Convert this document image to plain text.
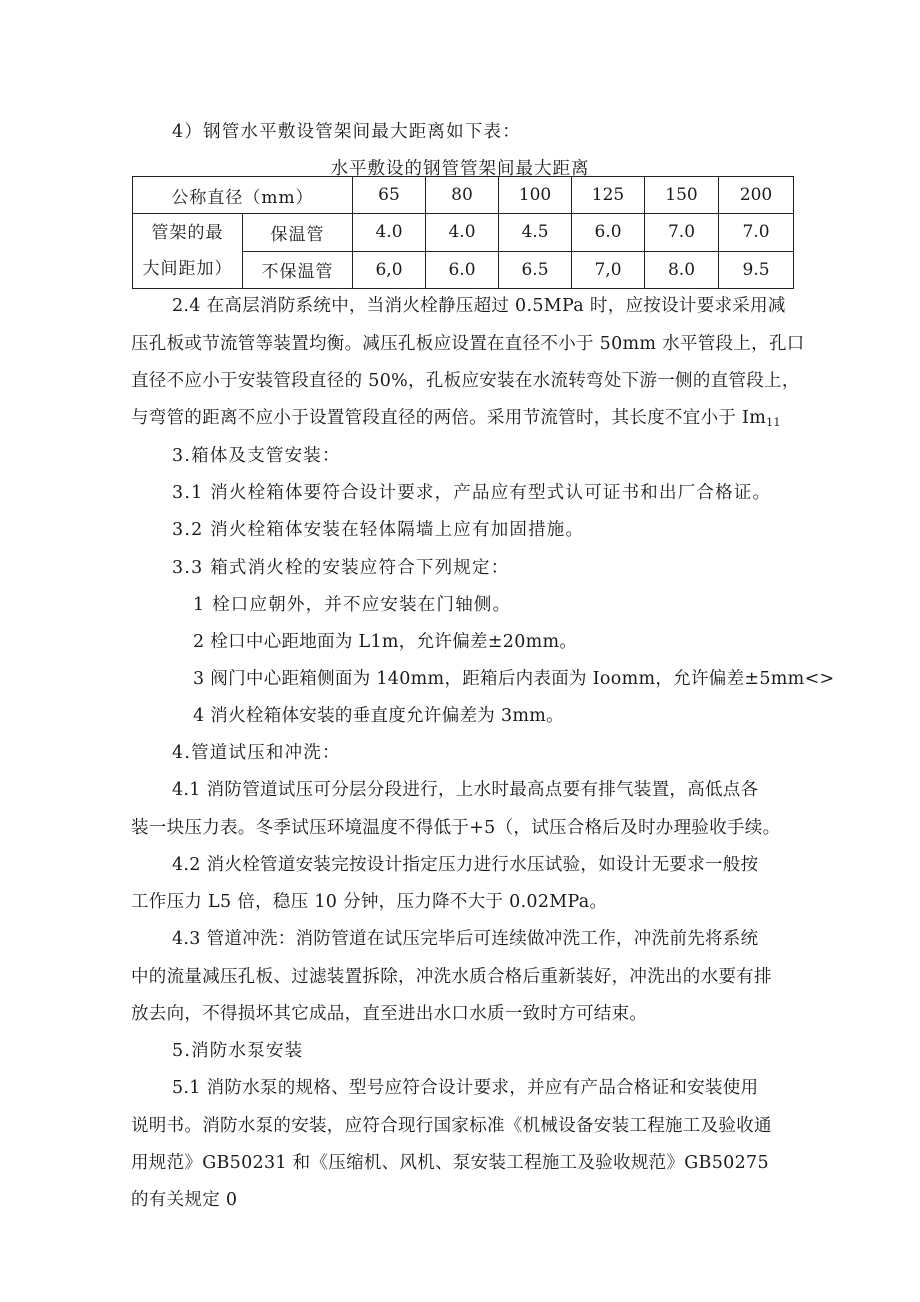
4）钢管水平敷设管架间最大距离如下表：
水平敷设的钢管管架间最大距离
公称直径（mm）		65	80	100	125	150	200

管架的最
大间距加）	保温管	4.0	4.0	4.5	6.0	7.0	7.0
	不保温管	6,0	6.0	6.5	7,0	8.0	9.5
2.4 在高层消防系统中，当消火栓静压超过 0.5MPa 时，应按设计要求采用减
压孔板或节流管等装置均衡。减压孔板应设置在直径不小于 50mm 水平管段上，孔口
直径不应小于安装管段直径的 50%，孔板应安装在水流转弯处下游一侧的直管段上，
与弯管的距离不应小于设置管段直径的两倍。采用节流管时，其长度不宜小于 $Im_{11}$
3.箱体及支管安装：
3.1 消火栓箱体要符合设计要求，产品应有型式认可证书和出厂合格证。
3.2 消火栓箱体安装在轻体隔墙上应有加固措施。
3.3 箱式消火栓的安装应符合下列规定：
1 栓口应朝外，并不应安装在门轴侧。
2 栓口中心距地面为 L1m，允许偏差±20mm。
3 阀门中心距箱侧面为 140mm，距箱后内表面为 Ioomm，允许偏差±5mm<>
4 消火栓箱体安装的垂直度允许偏差为 3mm。
4.管道试压和冲洗：
4.1 消防管道试压可分层分段进行，上水时最高点要有排气装置，高低点各
装一块压力表。冬季试压环境温度不得低于+5（，试压合格后及时办理验收手续。
4.2 消火栓管道安装完按设计指定压力进行水压试验，如设计无要求一般按
工作压力 L5 倍，稳压 10 分钟，压力降不大于 0.02MPa。
4.3 管道冲洗：消防管道在试压完毕后可连续做冲洗工作，冲洗前先将系统
中的流量减压孔板、过滤装置拆除，冲洗水质合格后重新装好，冲洗出的水要有排
放去向，不得损坏其它成品，直至进出水口水质一致时方可结束。
5.消防水泵安装
5.1 消防水泵的规格、型号应符合设计要求，并应有产品合格证和安装使用
说明书。消防水泵的安装，应符合现行国家标准《机械设备安装工程施工及验收通
用规范》GB50231 和《压缩机、风机、泵安装工程施工及验收规范》GB50275
的有关规定 0
